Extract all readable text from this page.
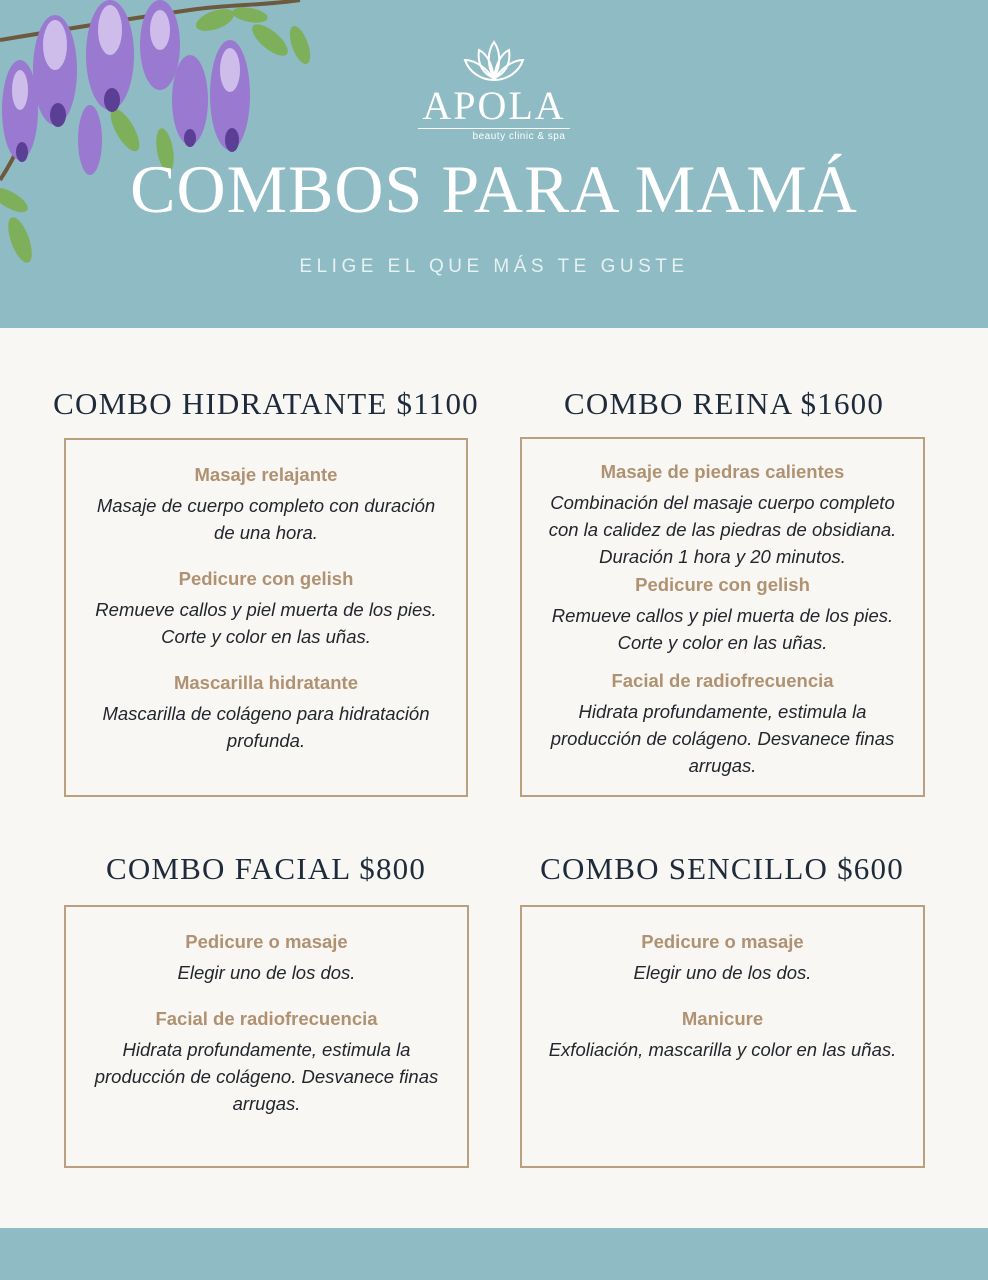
APOLA
beauty clinic & spa
COMBOS PARA MAMÁ
ELIGE EL QUE MÁS TE GUSTE
COMBO HIDRATANTE $1100
Masaje relajante
Masaje de cuerpo completo con duración de una hora.
Pedicure con gelish
Remueve callos y piel muerta de los pies. Corte y color en las uñas.
Mascarilla hidratante
Mascarilla de colágeno para hidratación profunda.
COMBO REINA $1600
Masaje de piedras calientes
Combinación del masaje cuerpo completo con la calidez de las piedras de obsidiana. Duración 1 hora y 20 minutos.
Pedicure con gelish
Remueve callos y piel muerta de los pies. Corte y color en las uñas.
Facial de radiofrecuencia
Hidrata profundamente, estimula la producción de colágeno. Desvanece finas arrugas.
COMBO FACIAL $800
Pedicure o masaje
Elegir uno de los dos.
Facial de radiofrecuencia
Hidrata profundamente, estimula la producción de colágeno. Desvanece finas arrugas.
COMBO SENCILLO $600
Pedicure o masaje
Elegir uno de los dos.
Manicure
Exfoliación, mascarilla y color en las uñas.
